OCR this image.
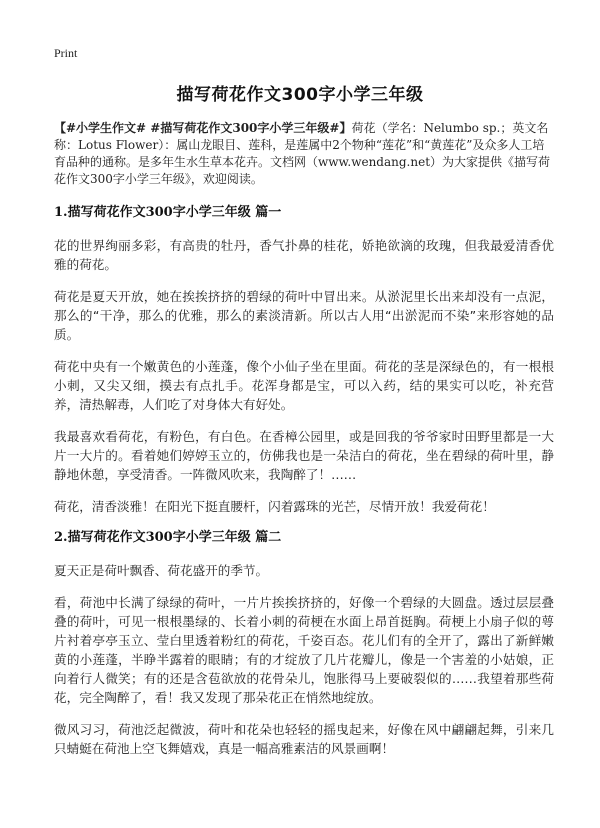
Print
描写荷花作文300字小学三年级
【#小学生作文# #描写荷花作文300字小学三年级#】荷花（学名：Nelumbo sp.；英文名称：Lotus Flower）：属山龙眼目、莲科，是莲属中2个物种“莲花”和“黄莲花”及众多人工培育品种的通称。是多年生水生草本花卉。文档网（www.wendang.net）为大家提供《描写荷花作文300字小学三年级》，欢迎阅读。
1.描写荷花作文300字小学三年级 篇一

花的世界绚丽多彩，有高贵的牡丹，香气扑鼻的桂花，娇艳欲滴的玫瑰，但我最爱清香优雅的荷花。

荷花是夏天开放，她在挨挨挤挤的碧绿的荷叶中冒出来。从淤泥里长出来却没有一点泥，那么的“干净，那么的优雅，那么的素淡清新。所以古人用“出淤泥而不染”来形容她的品质。

荷花中央有一个嫩黄色的小莲蓬，像个小仙子坐在里面。荷花的茎是深绿色的，有一根根小刺，又尖又细，摸去有点扎手。花浑身都是宝，可以入药，结的果实可以吃，补充营养，清热解毒，人们吃了对身体大有好处。

我最喜欢看荷花，有粉色，有白色。在香樟公园里，或是回我的爷爷家时田野里都是一大片一大片的。看着她们婷婷玉立的，仿佛我也是一朵洁白的荷花，坐在碧绿的荷叶里，静静地休憩，享受清香。一阵微风吹来，我陶醉了！……

荷花，清香淡雅！在阳光下挺直腰杆，闪着露珠的光芒，尽情开放！我爱荷花！

2.描写荷花作文300字小学三年级 篇二

夏天正是荷叶飘香、荷花盛开的季节。

看，荷池中长满了绿绿的荷叶，一片片挨挨挤挤的，好像一个碧绿的大圆盘。透过层层叠叠的荷叶，可见一根根墨绿的、长着小刺的荷梗在水面上昂首挺胸。荷梗上小扇子似的萼片衬着亭亭玉立、莹白里透着粉红的荷花，千姿百态。花儿们有的全开了，露出了新鲜嫩黄的小莲蓬，半睁半露着的眼睛；有的才绽放了几片花瓣儿，像是一个害羞的小姑娘，正向着行人微笑；有的还是含苞欲放的花骨朵儿，饱胀得马上要破裂似的……我望着那些荷花，完全陶醉了，看！我又发现了那朵花正在悄然地绽放。

微风习习，荷池泛起微波，荷叶和花朵也轻轻的摇曳起来，好像在风中翩翩起舞，引来几只蜻蜓在荷池上空飞舞嬉戏，真是一幅高雅素洁的风景画啊！
